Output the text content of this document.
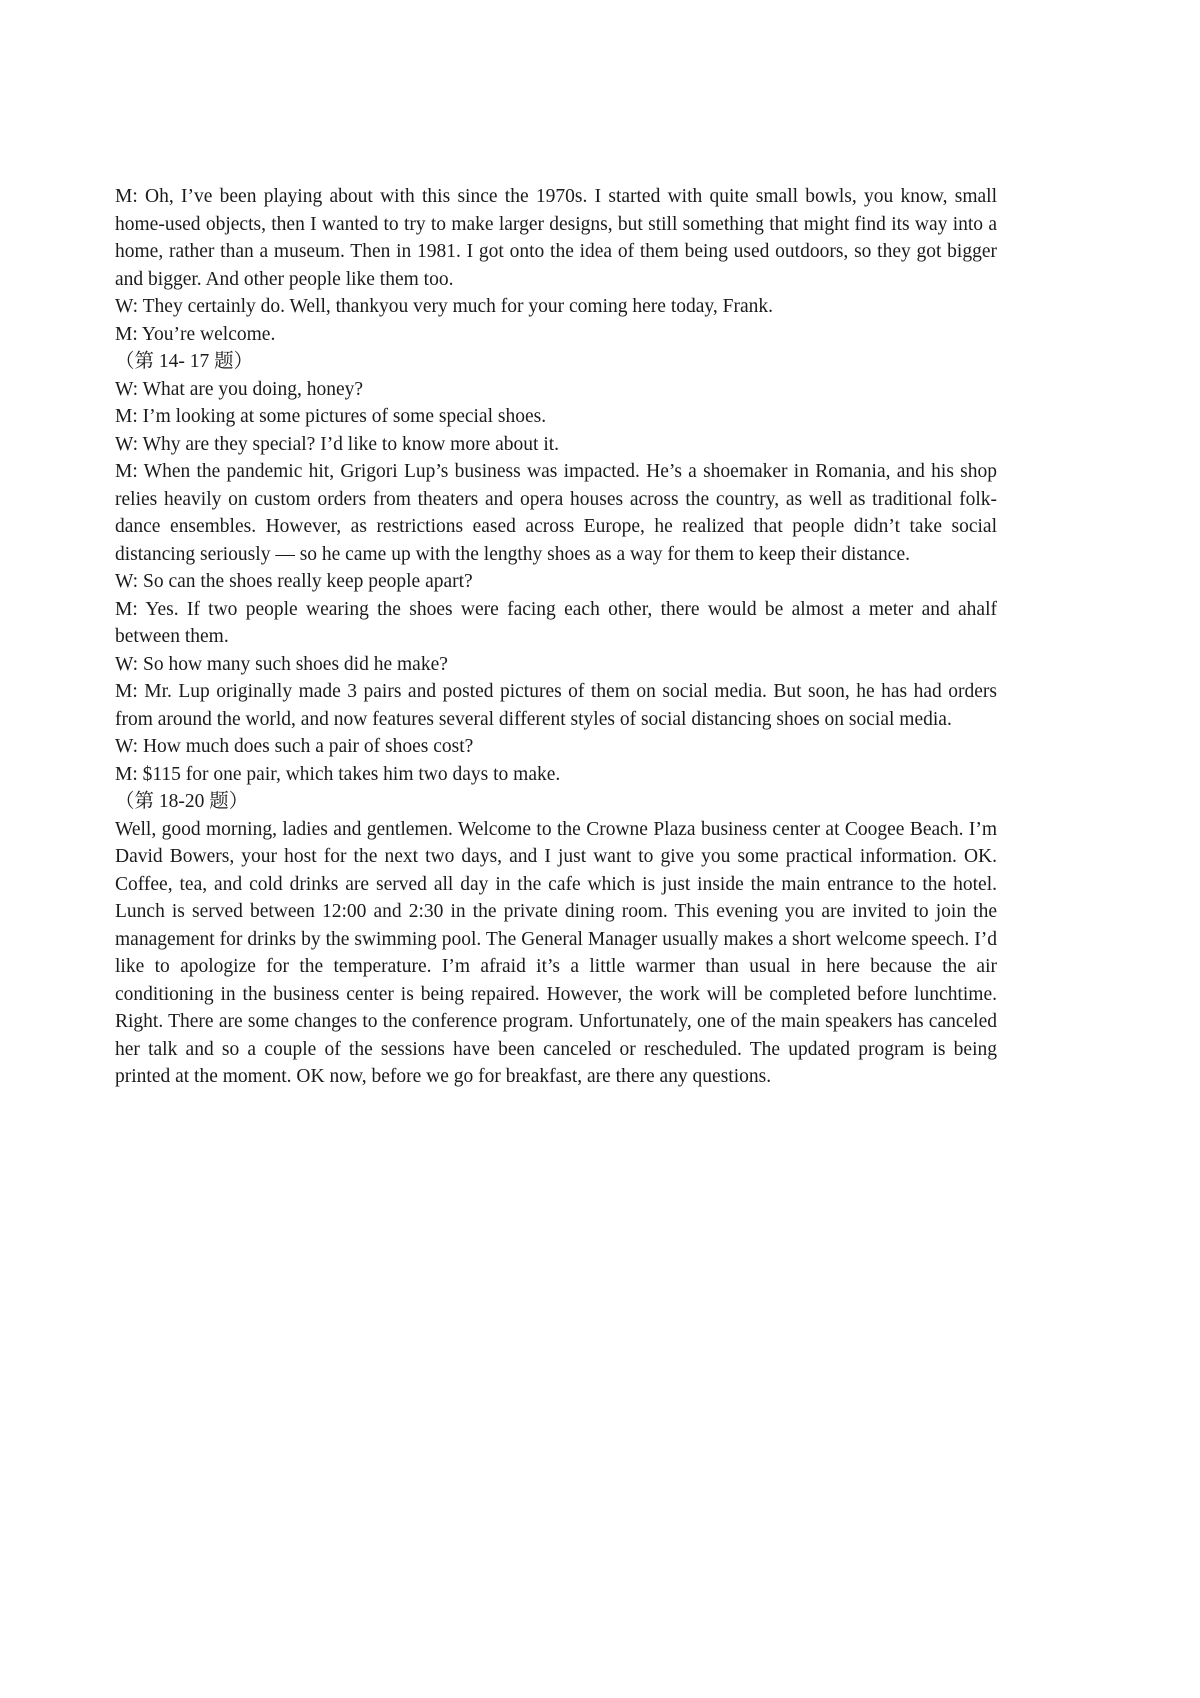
M: Oh, I’ve been playing about with this since the 1970s. I started with quite small bowls, you know, small home-used objects, then I wanted to try to make larger designs, but still something that might find its way into a home, rather than a museum. Then in 1981. I got onto the idea of them being used outdoors, so they got bigger and bigger. And other people like them too.

W: They certainly do. Well, thankyou very much for your coming here today, Frank.

M: You’re welcome.

（第 14- 17 题）

W: What are you doing, honey?

M: I’m looking at some pictures of some special shoes.

W: Why are they special? I’d like to know more about it.

M: When the pandemic hit, Grigori Lup’s business was impacted. He’s a shoemaker in Romania, and his shop relies heavily on custom orders from theaters and opera houses across the country, as well as traditional folk-dance ensembles. However, as restrictions eased across Europe, he realized that people didn’t take social distancing seriously — so he came up with the lengthy shoes as a way for them to keep their distance.

W: So can the shoes really keep people apart?

M: Yes. If two people wearing the shoes were facing each other, there would be almost a meter and ahalf between them.

W: So how many such shoes did he make?

M: Mr. Lup originally made 3 pairs and posted pictures of them on social media. But soon, he has had orders from around the world, and now features several different styles of social distancing shoes on social media.

W: How much does such a pair of shoes cost?

M: $115 for one pair, which takes him two days to make.

（第 18-20 题）

Well, good morning, ladies and gentlemen. Welcome to the Crowne Plaza business center at Coogee Beach. I’m David Bowers, your host for the next two days, and I just want to give you some practical information. OK. Coffee, tea, and cold drinks are served all day in the cafe which is just inside the main entrance to the hotel. Lunch is served between 12:00 and 2:30 in the private dining room. This evening you are invited to join the management for drinks by the swimming pool. The General Manager usually makes a short welcome speech. I’d like to apologize for the temperature. I’m afraid it’s a little warmer than usual in here because the air conditioning in the business center is being repaired. However, the work will be completed before lunchtime. Right. There are some changes to the conference program. Unfortunately, one of the main speakers has canceled her talk and so a couple of the sessions have been canceled or rescheduled. The updated program is being printed at the moment. OK now, before we go for breakfast, are there any questions.
